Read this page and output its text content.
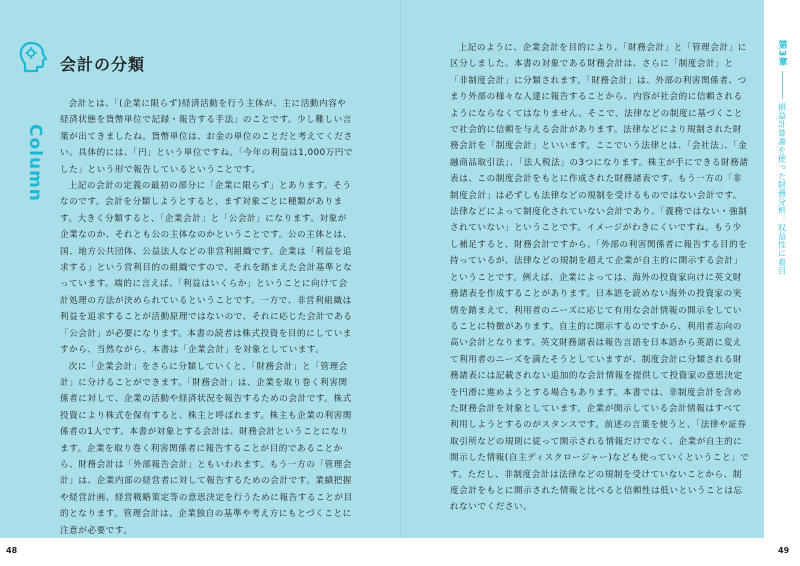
Column
会計の分類

会計とは、「(企業に限らず)経済活動を行う主体が、主に活動内容や経済状態を貨幣単位で記録・報告する手法」のことです。少し難しい言葉が出てきましたね。貨幣単位は、お金の単位のことだと考えてください。具体的には、「円」という単位ですね。「今年の利益は1,000万円でした」という形で報告しているということです。

上記の会計の定義の最初の部分に「企業に限らず」とあります。そうなのです。会計を分類しようとすると、まず対象ごとに種類があります。大きく分類すると、「企業会計」と「公会計」になります。対象が企業なのか、それとも公の主体なのかということです。公の主体とは、国、地方公共団体、公益法人などの非営利組織です。企業は「利益を追求する」という営利目的の組織ですので、それを踏まえた会計基準となっています。端的に言えば、「利益はいくらか」ということに向けて会計処理の方法が決められているということです。一方で、非営利組織は利益を追求することが活動原理ではないので、それに応じた会計である「公会計」が必要になります。本書の読者は株式投資を目的にしていますから、当然ながら、本書は「企業会計」を対象としています。

次に「企業会計」をさらに分類していくと、「財務会計」と「管理会計」に分けることができます。「財務会計」は、企業を取り巻く利害関係者に対して、企業の活動や経済状況を報告するための会計です。株式投資により株式を保有すると、株主と呼ばれます。株主も企業の利害関係者の1人です。本書が対象とする会計は、財務会計ということになります。企業を取り巻く利害関係者に報告することが目的であることから、財務会計は「外部報告会計」ともいわれます。もう一方の「管理会計」は、企業内部の経営者に対して報告するための会計です。業績把握や経営計画、経営戦略策定等の意思決定を行うために報告することが目的となります。管理会計は、企業独自の基準や考え方にもとづくことに注意が必要です。

上記のように、企業会計を目的により、「財務会計」と「管理会計」に区分しました。本書の対象である財務会計は、さらに「制度会計」と「非制度会計」に分類されます。「財務会計」は、外部の利害関係者、つまり外部の様々な人達に報告することから、内容が社会的に信頼されるようにならなくてはなりません。そこで、法律などの制度に基づくことで社会的に信頼を与える会計があります。法律などにより規制された財務会計を「制度会計」といいます。ここでいう法律とは、「会社法」、「金融商品取引法」、「法人税法」の3つになります。株主が手にできる財務諸表は、この制度会計をもとに作成された財務諸表です。もう一方の「非制度会計」は必ずしも法律などの規制を受けるものではない会計です。法律などによって制度化されていない会計であり、「義務ではない・強制されていない」ということです。イメージがわきにくいですね。もう少し補足すると、財務会計ですから、「外部の利害関係者に報告する目的を持っているが、法律などの規制を超えて企業が自主的に開示する会計」ということです。例えば、企業によっては、海外の投資家向けに英文財務諸表を作成することがあります。日本語を読めない海外の投資家の実情を踏まえて、利用者のニーズに応じて有用な会計情報の開示をしていることに特徴があります。自主的に開示するのですから、利用者志向の高い会計となります。英文財務諸表は報告言語を日本語から英語に変えて利用者のニーズを満たそうとしていますが、制度会計に分類される財務諸表には記載されない追加的な会計情報を提供して投資家の意思決定を円滑に進めようとする場合もあります。本書では、非制度会計を含めた財務会計を対象としています。企業が開示している会計情報はすべて利用しようとするのがスタンスです。前述の言葉を使うと、「法律や証券取引所などの規則に従って開示される情報だけでなく、企業が自主的に開示した情報(自主ディスクロージャー)なども使っていくということ」です。ただし、非制度会計は法律などの規制を受けていないことから、制度会計をもとに開示された情報と比べると信頼性は低いということは忘れないでください。

第3章
損益計算書を使った財務分析：収益性に着目
48	49
